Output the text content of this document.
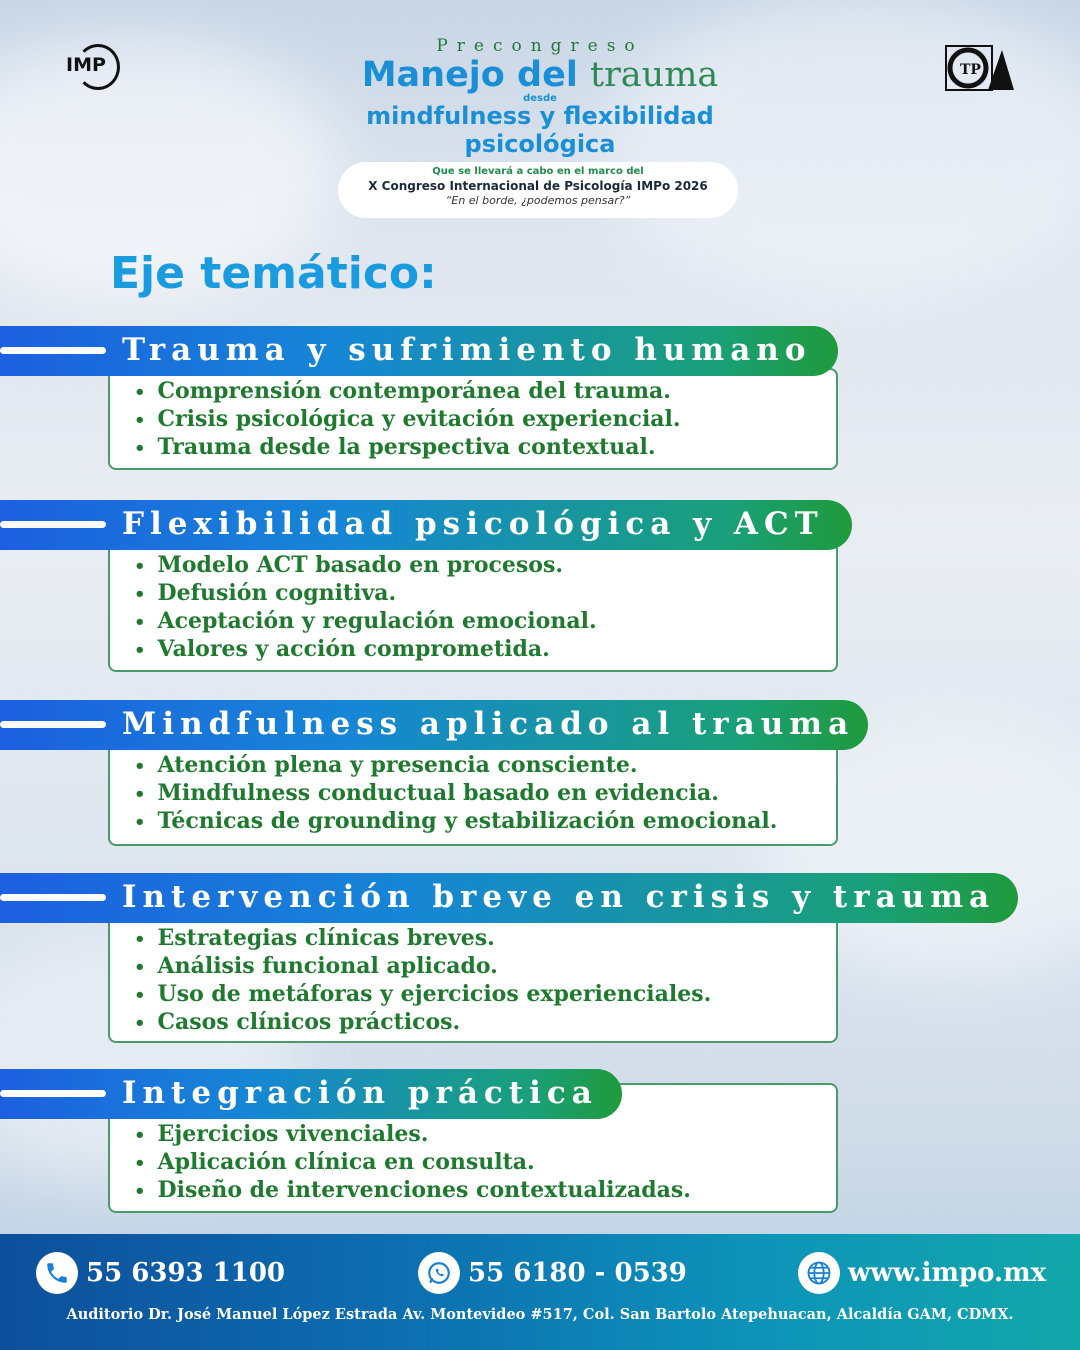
IMP	TP
Precongreso
Manejo del trauma
desde
mindfulness y flexibilidad
psicológica
Que se llevará a cabo en el marco del
X Congreso Internacional de Psicología IMPo 2026
“En el borde, ¿podemos pensar?”
Eje temático:
• Comprensión contemporánea del trauma.
• Crisis psicológica y evitación experiencial.
• Trauma desde la perspectiva contextual.
Trauma y sufrimiento humano
• Modelo ACT basado en procesos.
• Defusión cognitiva.
• Aceptación y regulación emocional.
• Valores y acción comprometida.
Flexibilidad psicológica y ACT
• Atención plena y presencia consciente.
• Mindfulness conductual basado en evidencia.
• Técnicas de grounding y estabilización emocional.
Mindfulness aplicado al trauma
• Estrategias clínicas breves.
• Análisis funcional aplicado.
• Uso de metáforas y ejercicios experienciales.
• Casos clínicos prácticos.
Intervención breve en crisis y trauma
• Ejercicios vivenciales.
• Aplicación clínica en consulta.
• Diseño de intervenciones contextualizadas.
Integración práctica
55 6393 1100	55 6180 - 0539	www.impo.mx
Auditorio Dr. José Manuel López Estrada Av. Montevideo #517, Col. San Bartolo Atepehuacan, Alcaldía GAM, CDMX.
